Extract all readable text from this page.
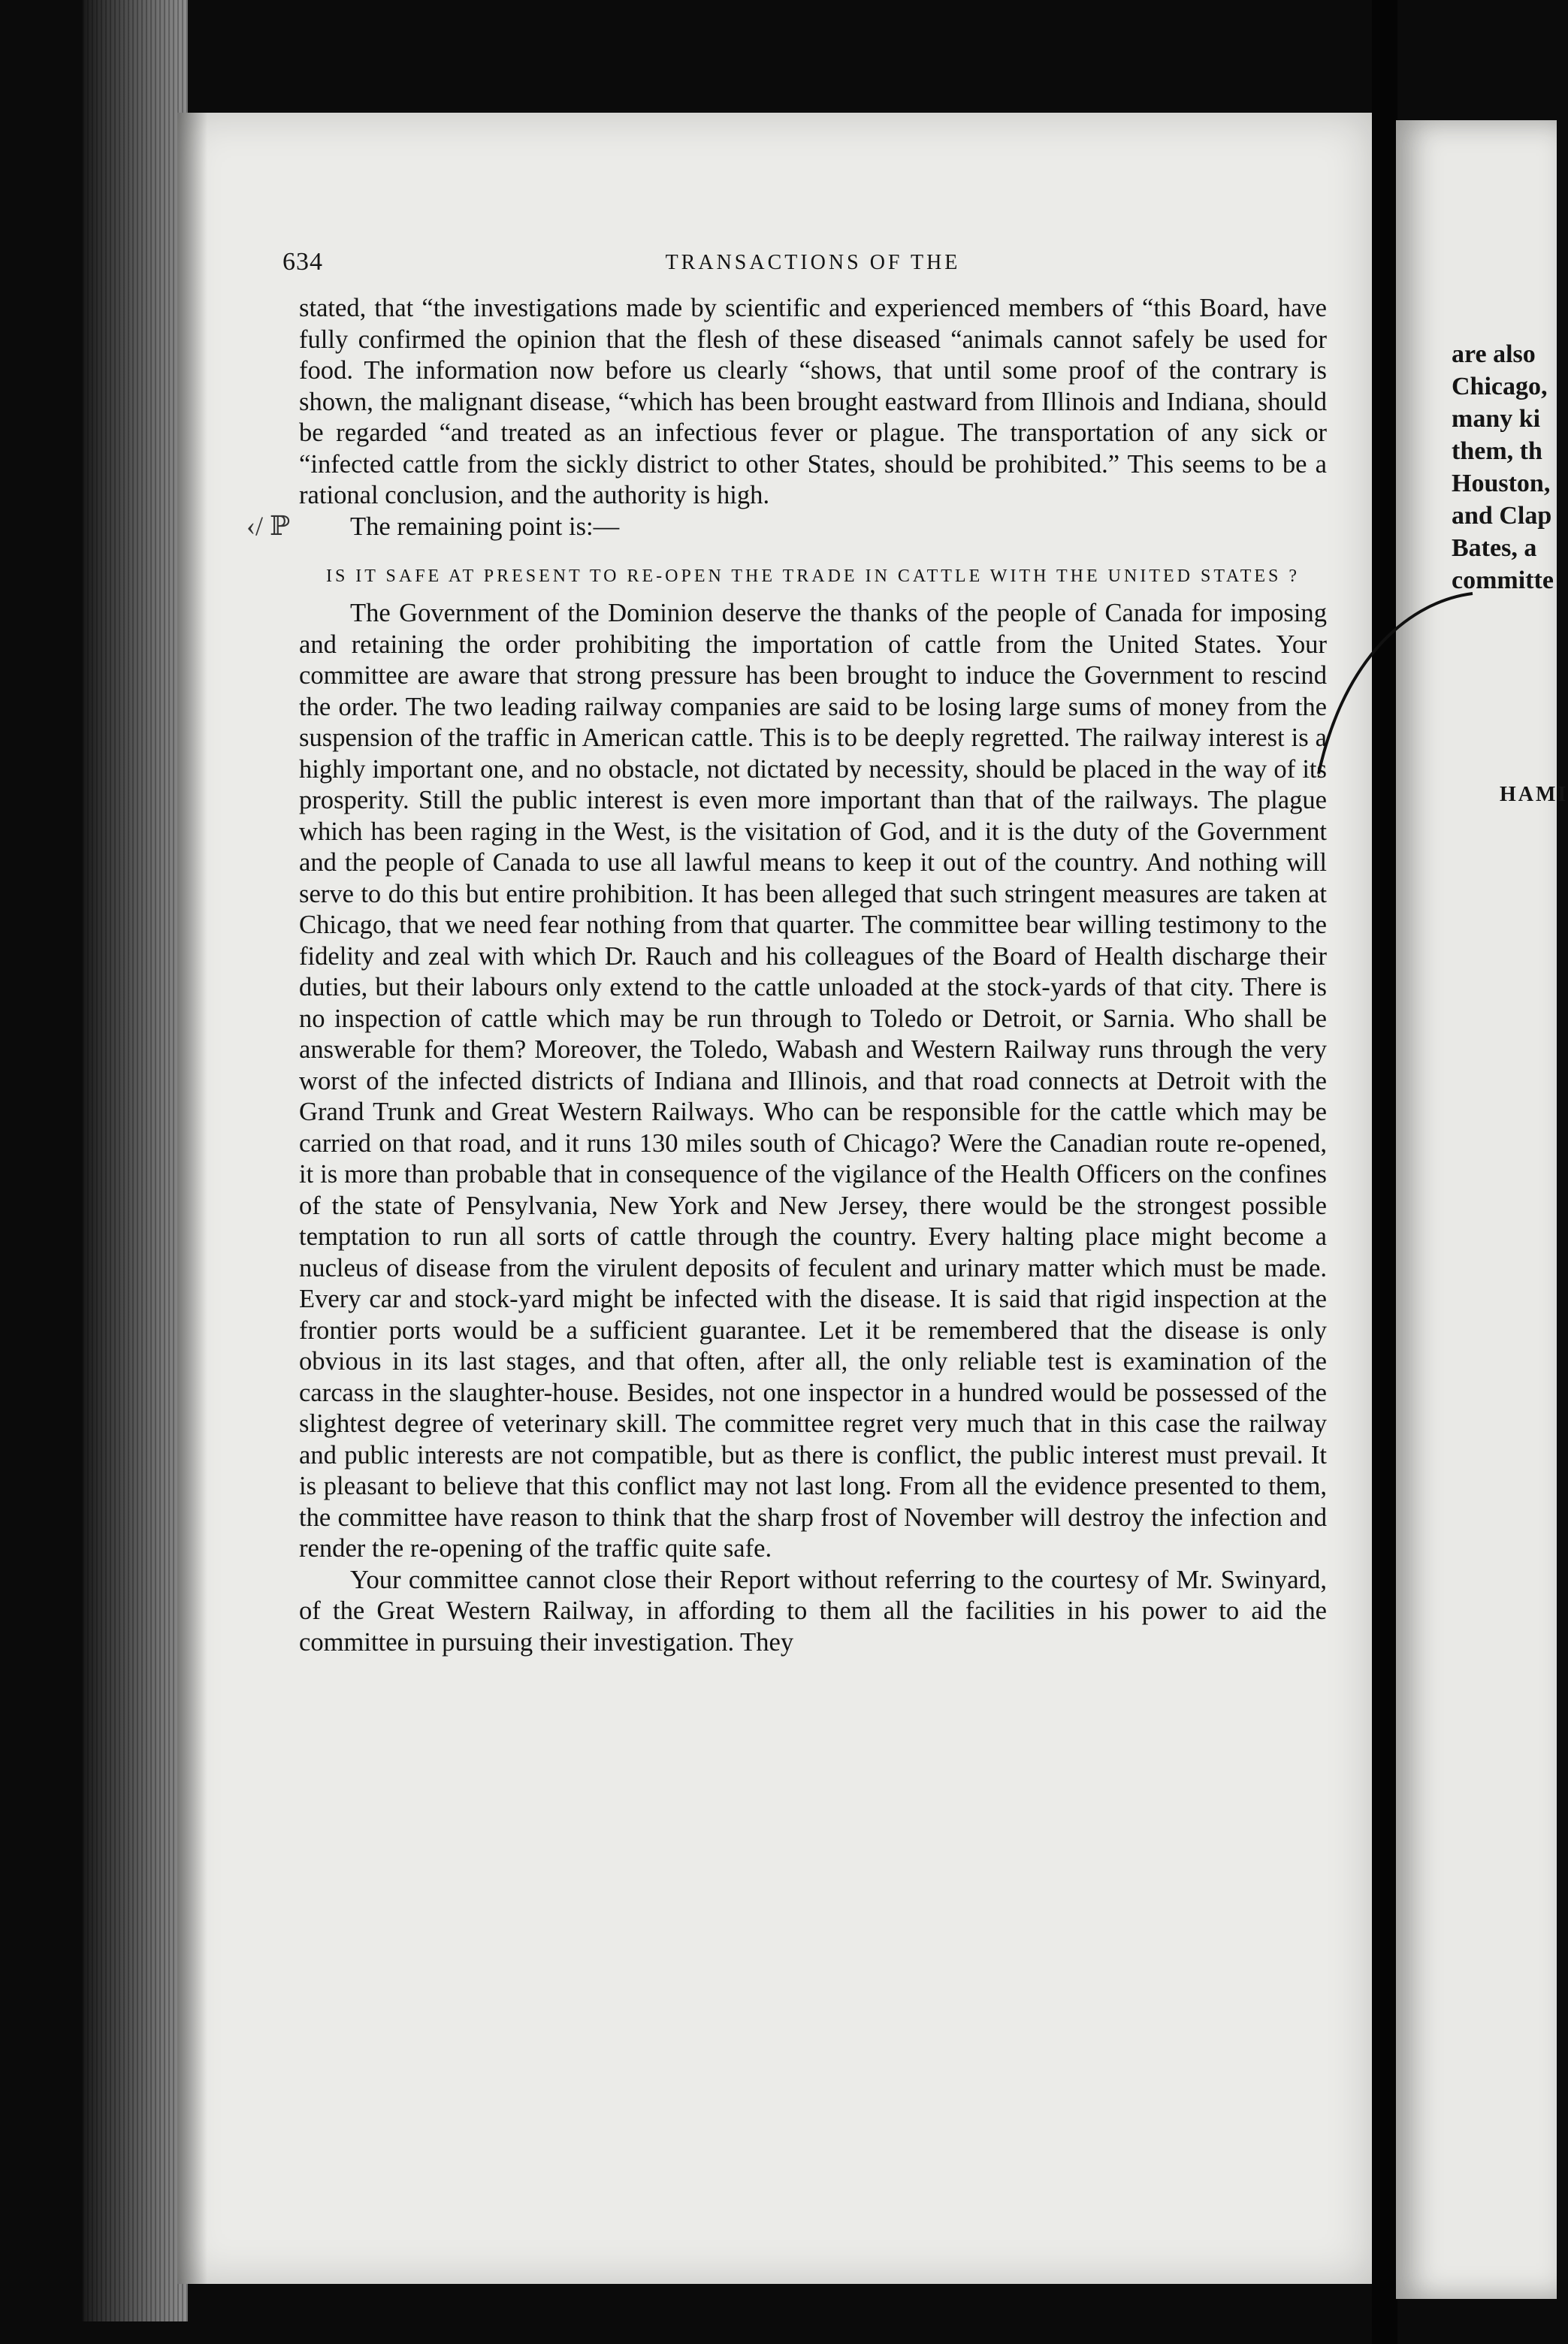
634	TRANSACTIONS OF THE
‹/ ℙ

stated, that “the investigations made by scientific and experienced members of “this Board, have fully confirmed the opinion that the flesh of these diseased “animals cannot safely be used for food. The information now before us clearly “shows, that until some proof of the contrary is shown, the malignant disease, “which has been brought eastward from Illinois and Indiana, should be regarded “and treated as an infectious fever or plague. The transportation of any sick or “infected cattle from the sickly district to other States, should be prohibited.” This seems to be a rational conclusion, and the authority is high.

The remaining point is:—

IS IT SAFE AT PRESENT TO RE-OPEN THE TRADE IN CATTLE WITH THE UNITED STATES ?

The Government of the Dominion deserve the thanks of the people of Canada for imposing and retaining the order prohibiting the importation of cattle from the United States. Your committee are aware that strong pressure has been brought to induce the Government to rescind the order. The two leading railway companies are said to be losing large sums of money from the suspension of the traffic in American cattle. This is to be deeply regretted. The railway interest is a highly important one, and no obstacle, not dictated by necessity, should be placed in the way of its prosperity. Still the public interest is even more important than that of the railways. The plague which has been raging in the West, is the visitation of God, and it is the duty of the Government and the people of Canada to use all lawful means to keep it out of the country. And nothing will serve to do this but entire prohibition. It has been alleged that such stringent measures are taken at Chicago, that we need fear nothing from that quarter. The committee bear willing testimony to the fidelity and zeal with which Dr. Rauch and his colleagues of the Board of Health discharge their duties, but their labours only extend to the cattle unloaded at the stock-yards of that city. There is no inspection of cattle which may be run through to Toledo or Detroit, or Sarnia. Who shall be answerable for them? Moreover, the Toledo, Wabash and Western Railway runs through the very worst of the infected districts of Indiana and Illinois, and that road connects at Detroit with the Grand Trunk and Great Western Railways. Who can be responsible for the cattle which may be carried on that road, and it runs 130 miles south of Chicago? Were the Canadian route re-opened, it is more than probable that in consequence of the vigilance of the Health Officers on the confines of the state of Pensylvania, New York and New Jersey, there would be the strongest possible temptation to run all sorts of cattle through the country. Every halting place might become a nucleus of disease from the virulent deposits of feculent and urinary matter which must be made. Every car and stock-yard might be infected with the disease. It is said that rigid inspection at the frontier ports would be a sufficient guarantee. Let it be remembered that the disease is only obvious in its last stages, and that often, after all, the only reliable test is examination of the carcass in the slaughter-house. Besides, not one inspector in a hundred would be possessed of the slightest degree of veterinary skill. The committee regret very much that in this case the railway and public interests are not compatible, but as there is conflict, the public interest must prevail. It is pleasant to believe that this conflict may not last long. From all the evidence presented to them, the committee have reason to think that the sharp frost of November will destroy the infection and render the re-opening of the traffic quite safe.

Your committee cannot close their Report without referring to the courtesy of Mr. Swinyard, of the Great Western Railway, in affording to them all the facilities in his power to aid the committee in pursuing their investigation. They

are also
Chicago,
many ki
them, th
Houston,
and Clap
Bates, a
committe
HAMI
